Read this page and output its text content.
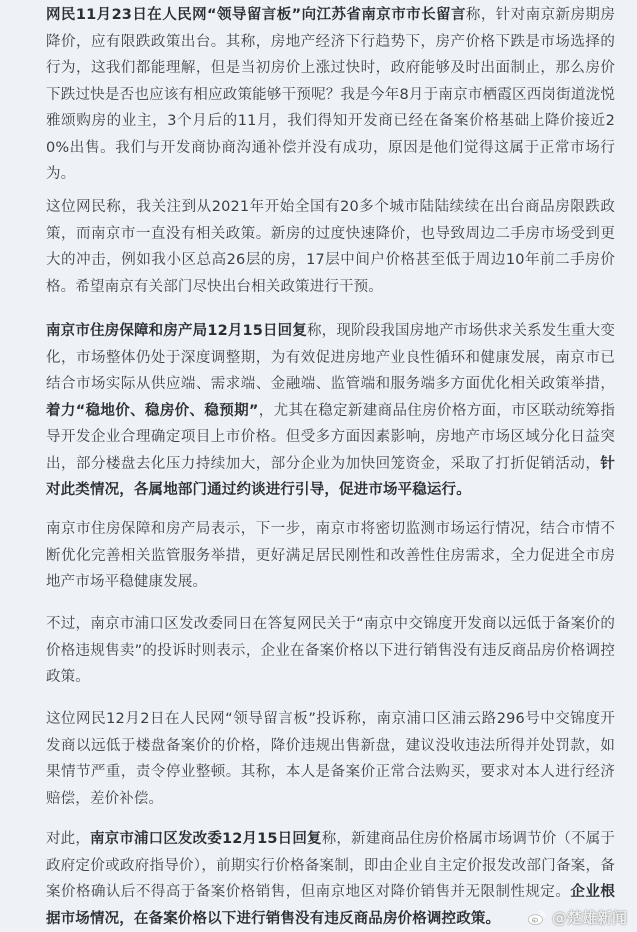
网民11月23日在人民网“领导留言板”向江苏省南京市市长留言称，针对南京新房期房降价，应有限跌政策出台。其称，房地产经济下行趋势下，房产价格下跌是市场选择的行为，这我们都能理解，但是当初房价上涨过快时，政府能够及时出面制止，那么房价下跌过快是否也应该有相应政策能够干预呢？我是今年8月于南京市栖霞区西岗街道泷悦雅颂购房的业主，3个月后的11月，我们得知开发商已经在备案价格基础上降价接近20%出售。我们与开发商协商沟通补偿并没有成功，原因是他们觉得这属于正常市场行为。

这位网民称，我关注到从2021年开始全国有20多个城市陆陆续续在出台商品房限跌政策，而南京市一直没有相关政策。新房的过度快速降价，也导致周边二手房市场受到更大的冲击，例如我小区总高26层的房，17层中间户价格甚至低于周边10年前二手房价格。希望南京有关部门尽快出台相关政策进行干预。

南京市住房保障和房产局12月15日回复称，现阶段我国房地产市场供求关系发生重大变化，市场整体仍处于深度调整期，为有效促进房地产业良性循环和健康发展，南京市已结合市场实际从供应端、需求端、金融端、监管端和服务端多方面优化相关政策举措，着力“稳地价、稳房价、稳预期”，尤其在稳定新建商品住房价格方面，市区联动统筹指导开发企业合理确定项目上市价格。但受多方面因素影响，房地产市场区域分化日益突出，部分楼盘去化压力持续加大，部分企业为加快回笼资金，采取了打折促销活动，针对此类情况，各属地部门通过约谈进行引导，促进市场平稳运行。

南京市住房保障和房产局表示，下一步，南京市将密切监测市场运行情况，结合市情不断优化完善相关监管服务举措，更好满足居民刚性和改善性住房需求，全力促进全市房地产市场平稳健康发展。

不过，南京市浦口区发改委同日在答复网民关于“南京中交锦度开发商以远低于备案价的价格违规售卖”的投诉时则表示，企业在备案价格以下进行销售没有违反商品房价格调控政策。

这位网民12月2日在人民网“领导留言板”投诉称，南京浦口区浦云路296号中交锦度开发商以远低于楼盘备案价的价格，降价违规出售新盘，建议没收违法所得并处罚款，如果情节严重，责令停业整顿。其称，本人是备案价正常合法购买，要求对本人进行经济赔偿，差价补偿。

对此，南京市浦口区发改委12月15日回复称，新建商品住房价格属市场调节价（不属于政府定价或政府指导价），前期实行价格备案制，即由企业自主定价报发改部门备案，备案价格确认后不得高于备案价格销售，但南京地区对降价销售并无限制性规定。企业根据市场情况，在备案价格以下进行销售没有违反商品房价格调控政策。	@楚雄新闻
